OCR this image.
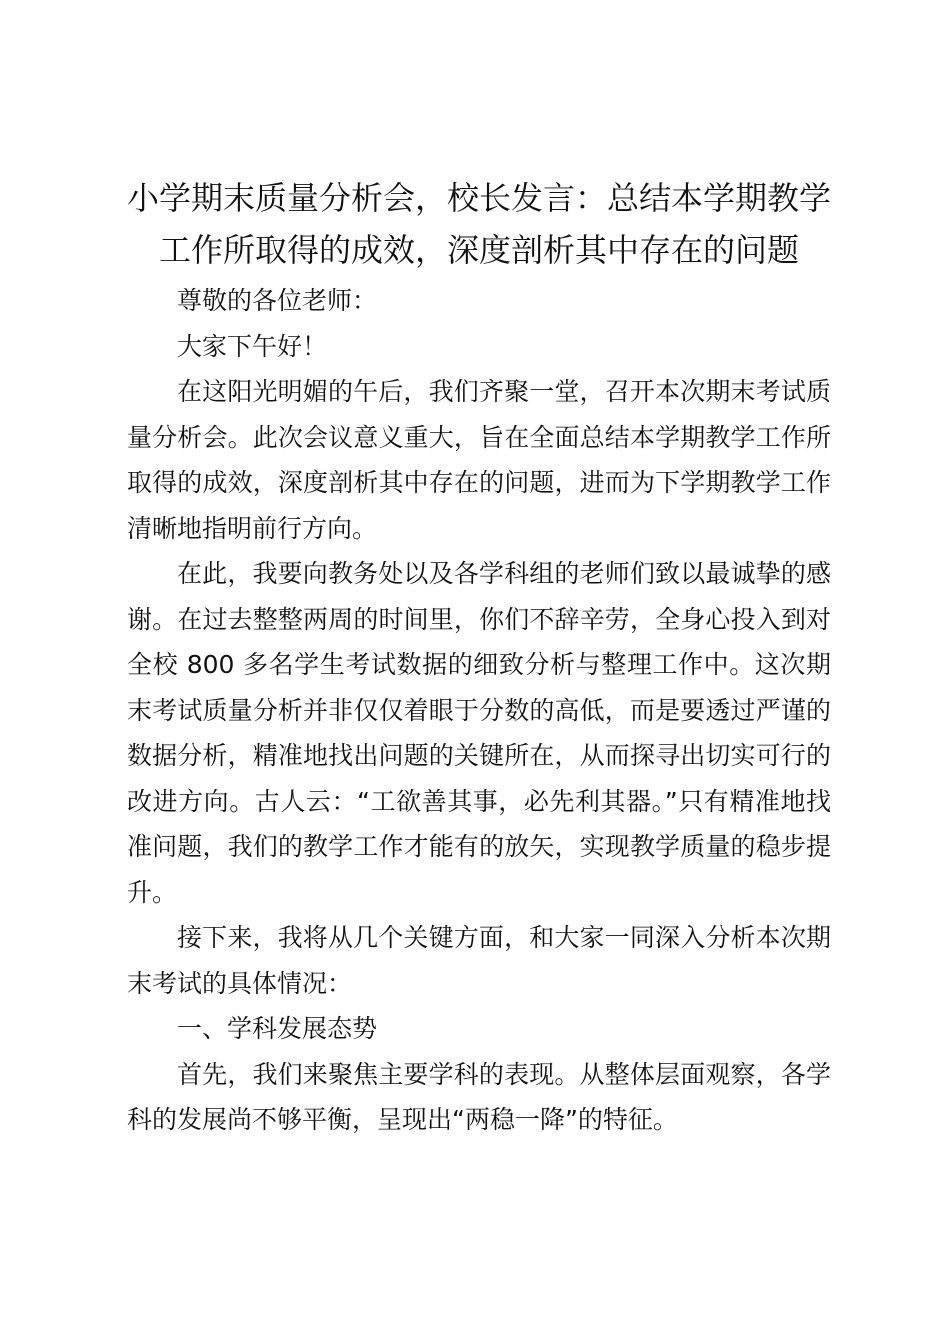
小学期末质量分析会，校长发言：总结本学期教学工作所取得的成效，深度剖析其中存在的问题

尊敬的各位老师：

大家下午好！

在这阳光明媚的午后，我们齐聚一堂，召开本次期末考试质量分析会。此次会议意义重大，旨在全面总结本学期教学工作所取得的成效，深度剖析其中存在的问题，进而为下学期教学工作清晰地指明前行方向。

在此，我要向教务处以及各学科组的老师们致以最诚挚的感谢。在过去整整两周的时间里，你们不辞辛劳，全身心投入到对全校 800 多名学生考试数据的细致分析与整理工作中。这次期末考试质量分析并非仅仅着眼于分数的高低，而是要透过严谨的数据分析，精准地找出问题的关键所在，从而探寻出切实可行的改进方向。古人云：“工欲善其事，必先利其器。”只有精准地找准问题，我们的教学工作才能有的放矢，实现教学质量的稳步提升。

接下来，我将从几个关键方面，和大家一同深入分析本次期末考试的具体情况：

一、学科发展态势

首先，我们来聚焦主要学科的表现。从整体层面观察，各学科的发展尚不够平衡，呈现出“两稳一降”的特征。
